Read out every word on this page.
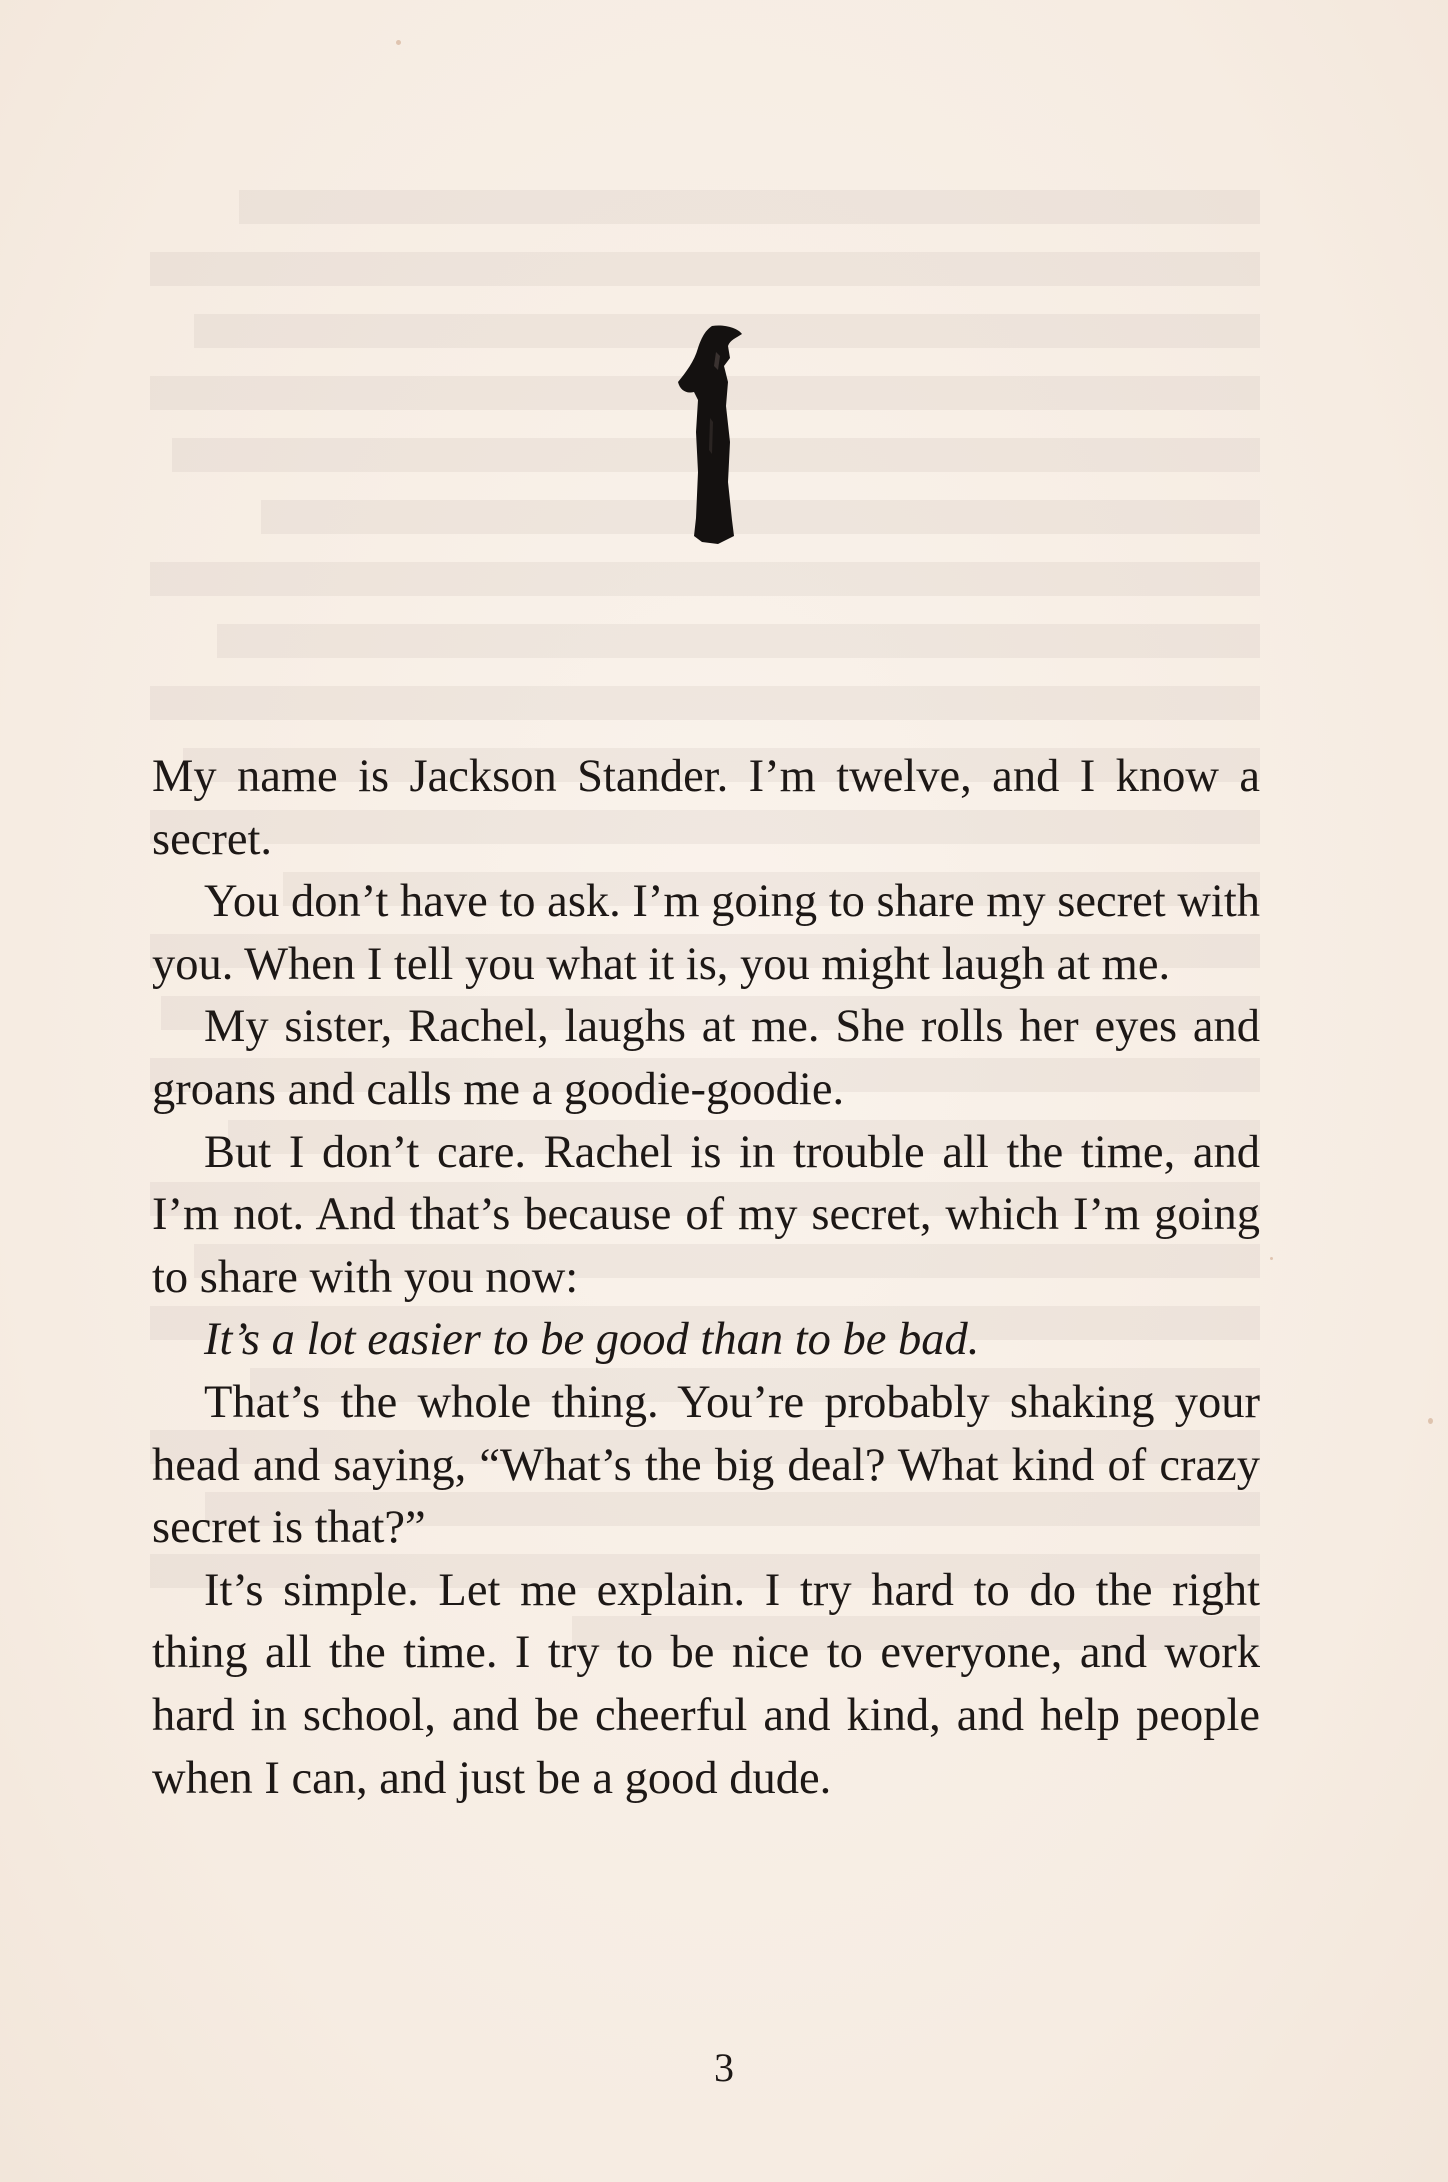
My name is Jackson Stander. I’m twelve, and I know a secret.

You don’t have to ask. I’m going to share my secret with you. When I tell you what it is, you might laugh at me.

My sister, Rachel, laughs at me. She rolls her eyes and groans and calls me a goodie-goodie.

But I don’t care. Rachel is in trouble all the time, and I’m not. And that’s because of my secret, which I’m going to share with you now:

It’s a lot easier to be good than to be bad.

That’s the whole thing. You’re probably shaking your head and saying, “What’s the big deal? What kind of crazy secret is that?”

It’s simple. Let me explain. I try hard to do the right thing all the time. I try to be nice to everyone, and work hard in school, and be cheerful and kind, and help people when I can, and just be a good dude.

3
